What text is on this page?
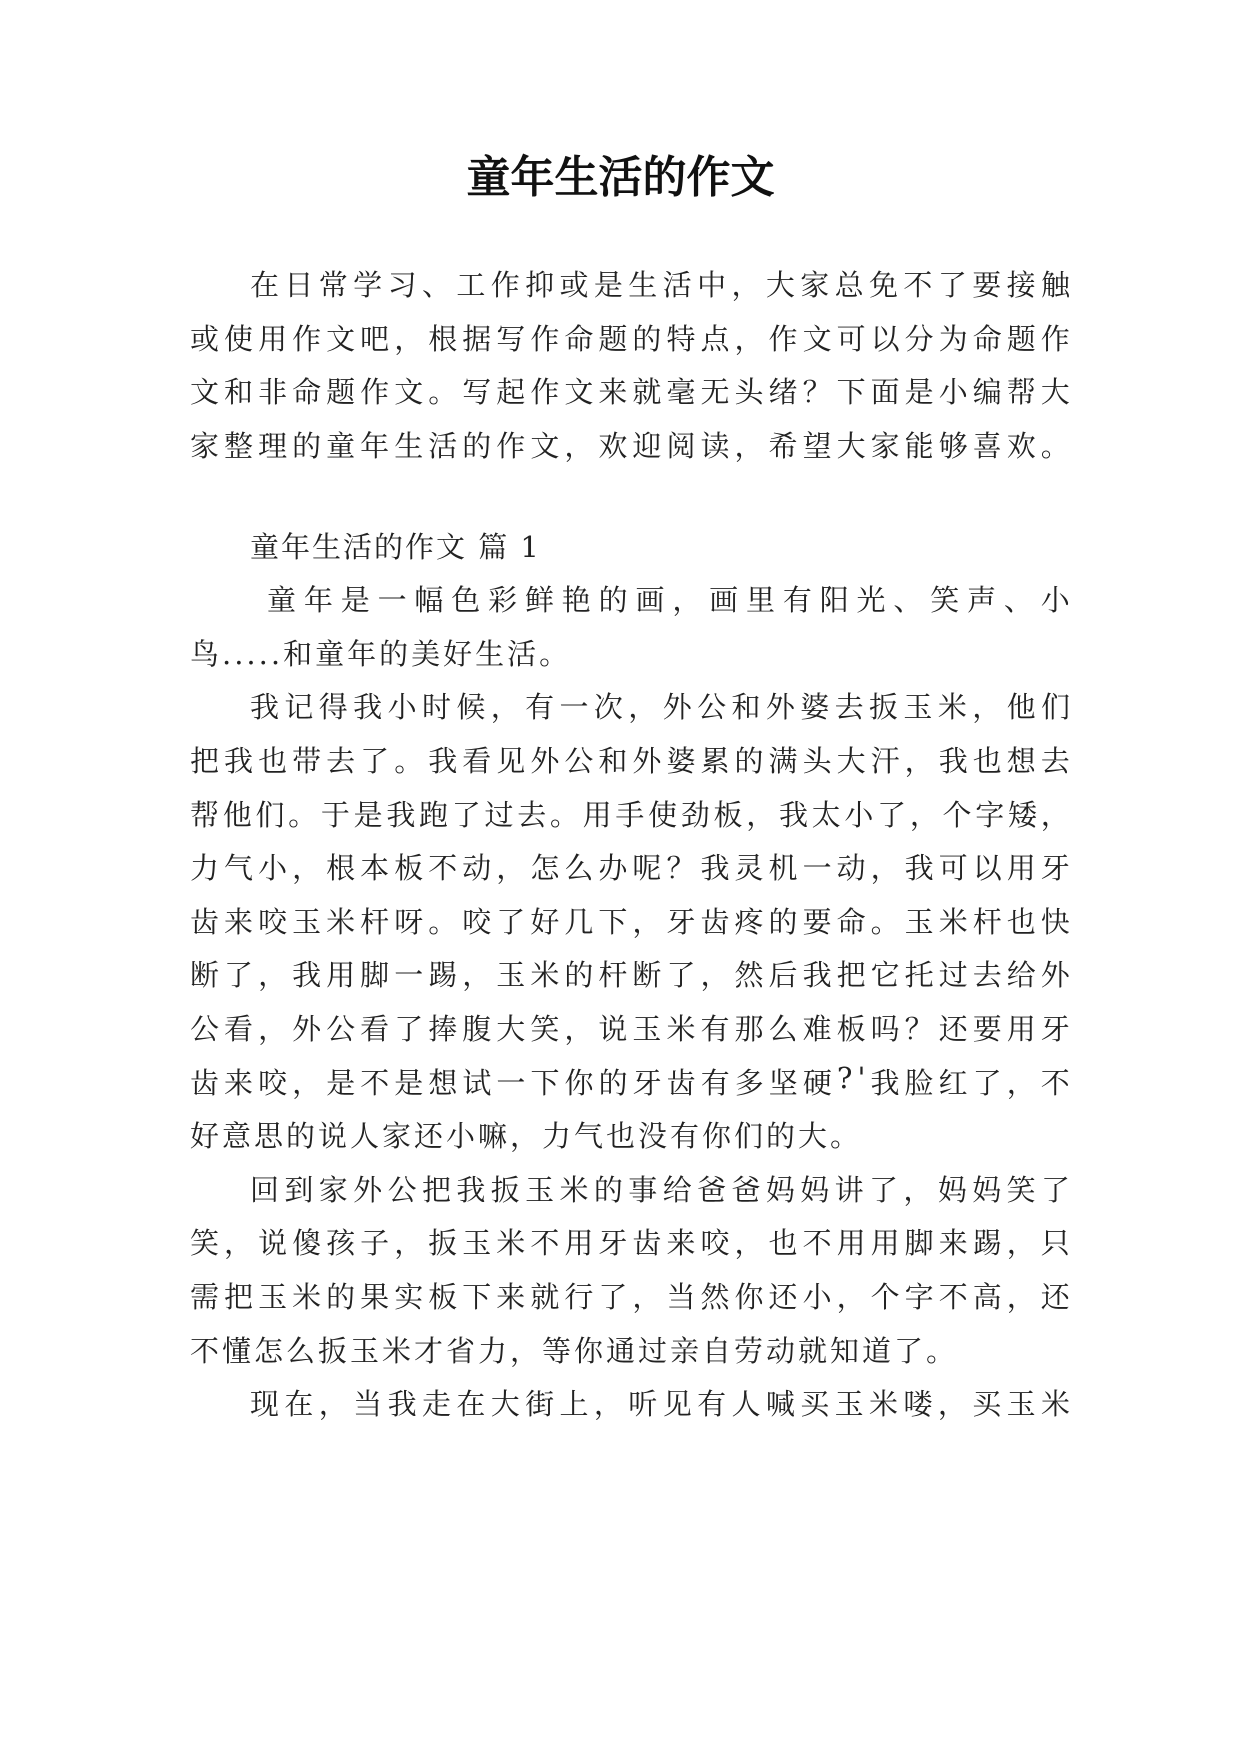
童年生活的作文
在 日 常 学 习 、 工 作 抑 或 是 生 活 中 ， 大 家 总 免 不 了 要 接 触
或 使 用 作 文 吧 ， 根 据 写 作 命 题 的 特 点 ， 作 文 可 以 分 为 命 题 作
文 和 非 命 题 作 文 。 写 起 作 文 来 就 毫 无 头 绪 ？ 下 面 是 小 编 帮 大
家 整 理 的 童 年 生 活 的 作 文 ， 欢 迎 阅 读 ， 希 望 大 家 能 够 喜 欢 。
童年生活的作文 篇 1

童 年 是 一 幅 色 彩 鲜 艳 的 画 ， 画 里 有 阳 光 、 笑 声 、 小
鸟.....和童年的美好生活。
我 记 得 我 小 时 候 ， 有 一 次 ， 外 公 和 外 婆 去 扳 玉 米 ， 他 们
把 我 也 带 去 了 。 我 看 见 外 公 和 外 婆 累 的 满 头 大 汗 ， 我 也 想 去
帮 他 们 。 于 是 我 跑 了 过 去 。 用 手 使 劲 板 ， 我 太 小 了 ， 个 字 矮 ，
力 气 小 ， 根 本 板 不 动 ， 怎 么 办 呢 ？ 我 灵 机 一 动 ， 我 可 以 用 牙
齿 来 咬 玉 米 杆 呀 。 咬 了 好 几 下 ， 牙 齿 疼 的 要 命 。 玉 米 杆 也 快
断 了 ， 我 用 脚 一 踢 ， 玉 米 的 杆 断 了 ， 然 后 我 把 它 托 过 去 给 外
公 看 ， 外 公 看 了 捧 腹 大 笑 ， 说 玉 米 有 那 么 难 板 吗 ？ 还 要 用 牙
齿 来 咬 ， 是 不 是 想 试 一 下 你 的 牙 齿 有 多 坚 硬 ? ' 我 脸 红 了 ， 不
好意思的说人家还小嘛，力气也没有你们的大。
回 到 家 外 公 把 我 扳 玉 米 的 事 给 爸 爸 妈 妈 讲 了 ， 妈 妈 笑 了
笑 ， 说 傻 孩 子 ， 扳 玉 米 不 用 牙 齿 来 咬 ， 也 不 用 用 脚 来 踢 ， 只
需 把 玉 米 的 果 实 板 下 来 就 行 了 ， 当 然 你 还 小 ， 个 字 不 高 ， 还
不懂怎么扳玉米才省力，等你通过亲自劳动就知道了。
现 在 ， 当 我 走 在 大 街 上 ， 听 见 有 人 喊 买 玉 米 喽 ， 买 玉 米
